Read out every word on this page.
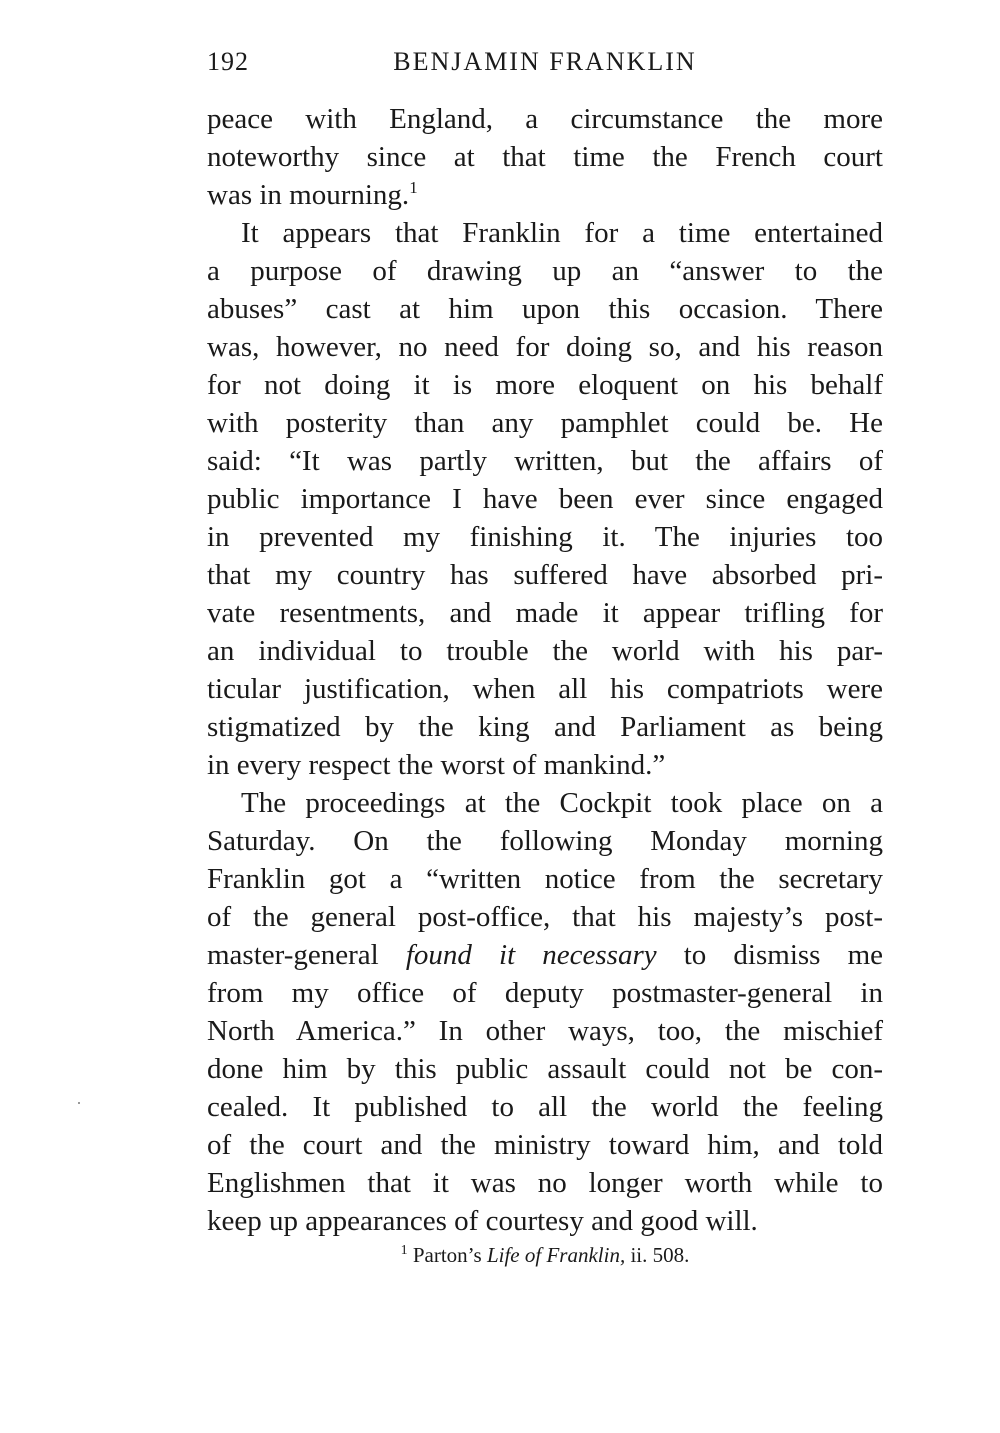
192	BENJAMIN FRANKLIN
peace with England, a circumstance the more
noteworthy since at that time the French court
was in mourning.$^1$
It appears that Franklin for a time entertained
a purpose of drawing up an “answer to the
abuses” cast at him upon this occasion. There
was, however, no need for doing so, and his reason
for not doing it is more eloquent on his behalf
with posterity than any pamphlet could be. He
said: “It was partly written, but the affairs of
public importance I have been ever since engaged
in prevented my finishing it. The injuries too
that my country has suffered have absorbed pri-
vate resentments, and made it appear trifling for
an individual to trouble the world with his par-
ticular justification, when all his compatriots were
stigmatized by the king and Parliament as being
in every respect the worst of mankind.”
The proceedings at the Cockpit took place on a
Saturday. On the following Monday morning
Franklin got a “written notice from the secretary
of the general post-office, that his majesty’s post-
master-general found it necessary to dismiss me
from my office of deputy postmaster-general in
North America.” In other ways, too, the mischief
done him by this public assault could not be con-
cealed. It published to all the world the feeling
of the court and the ministry toward him, and told
Englishmen that it was no longer worth while to
keep up appearances of courtesy and good will.
$^1$ Parton’s Life of Franklin, ii. 508.
